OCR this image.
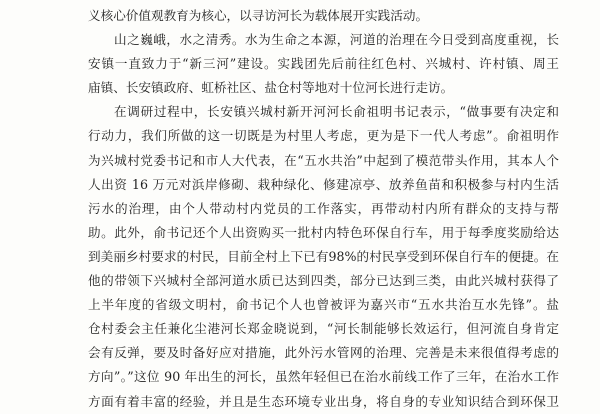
义核心价值观教育为核心，以寻访河长为载体展开实践活动。
山之巍峨，水之清秀。水为生命之本源，河道的治理在今日受到高度重视，长
安镇一直致力于“新三河”建设。实践团先后前往红色村、兴城村、许村镇、周王
庙镇、长安镇政府、虹桥社区、盐仓村等地对十位河长进行走访。
在调研过程中，长安镇兴城村新开河河长俞祖明书记表示，“做事要有决定和
行动力，我们所做的这一切既是为村里人考虑，更为是下一代人考虑”。俞祖明作
为兴城村党委书记和市人大代表，在“五水共治”中起到了模范带头作用，其本人个
人出资 16 万元对浜岸修砌、栽种绿化、修建凉亭、放养鱼苗和积极参与村内生活
污水的治理，由个人带动村内党员的工作落实，再带动村内所有群众的支持与帮
助。此外，俞书记还个人出资购买一批村内特色环保自行车，用于每季度奖励给达
到美丽乡村要求的村民，目前全村上下已有98%的村民享受到环保自行车的便捷。在
他的带领下兴城村全部河道水质已达到四类，部分已达到三类，由此兴城村获得了
上半年度的省级文明村，俞书记个人也曾被评为嘉兴市“五水共治互水先锋”。盐
仓村委会主任兼化尘港河长郑金晓说到，“河长制能够长效运行，但河流自身肯定
会有反弹，要及时备好应对措施，此外污水管网的治理、完善是未来很值得考虑的
方向”。”这位 90 年出生的河长，虽然年轻但已在治水前线工作了三年，在治水工作
方面有着丰富的经验，并且是生态环境专业出身，将自身的专业知识结合到环保卫
